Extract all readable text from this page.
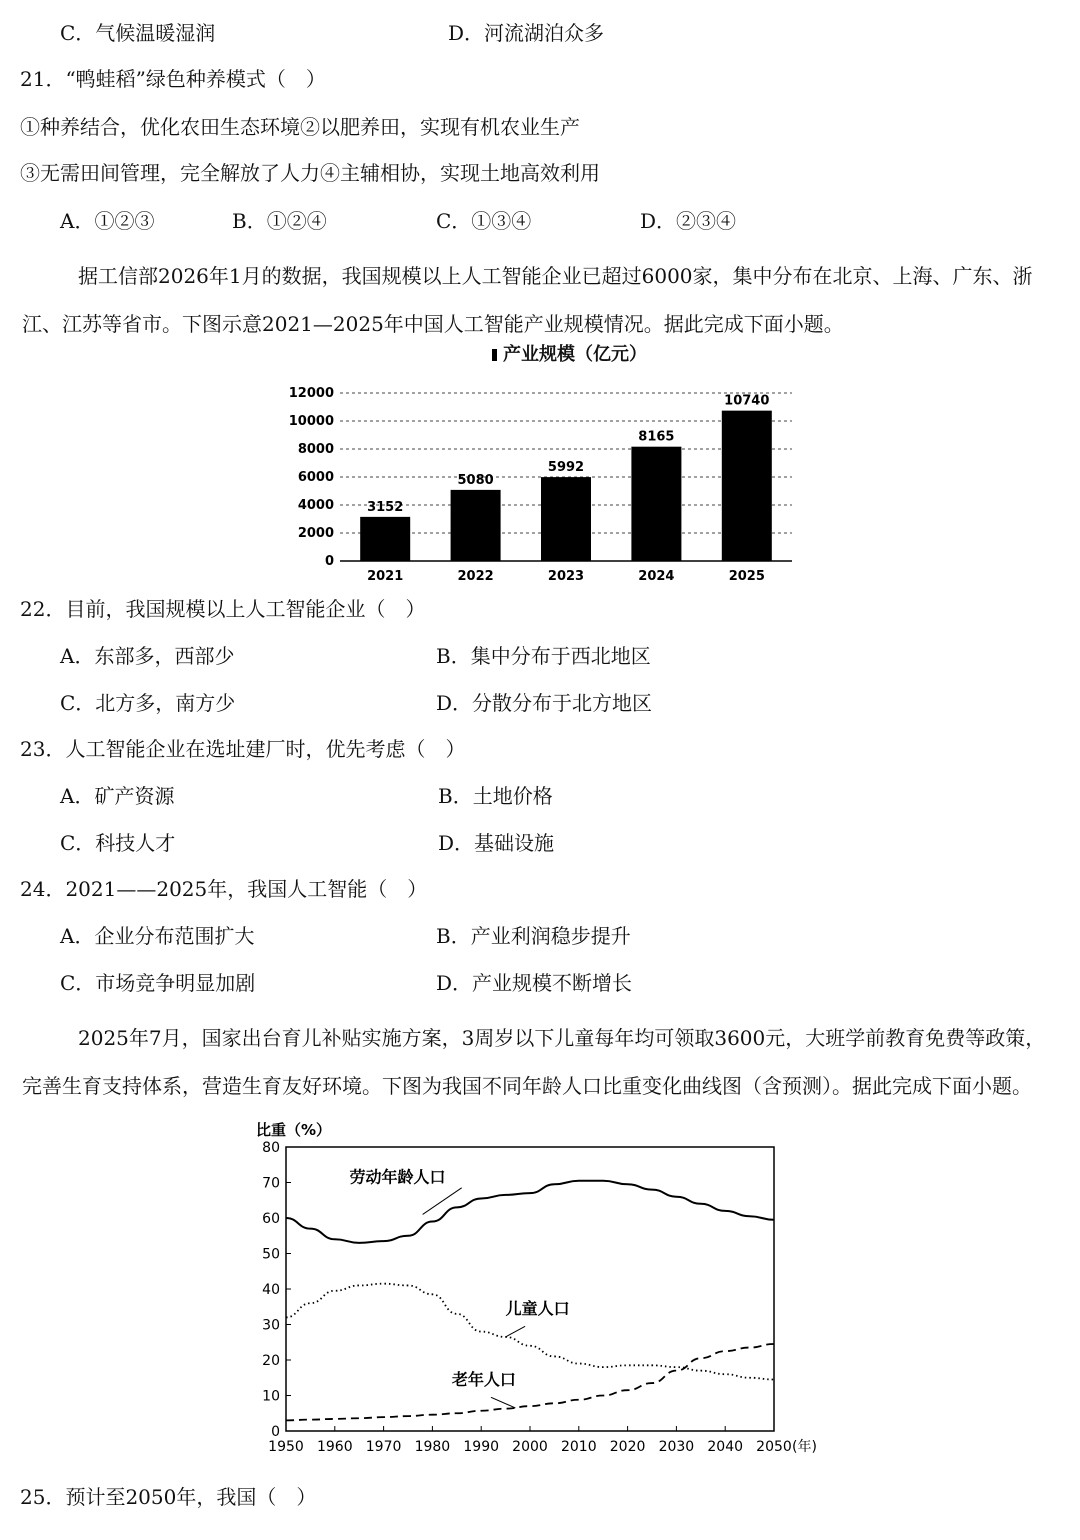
C．气候温暖湿润	D．河流湖泊众多
21．“鸭蛙稻”绿色种养模式（　）
①种养结合，优化农田生态环境②以肥养田，实现有机农业生产
③无需田间管理，完全解放了人力④主辅相协，实现土地高效利用
A．①②③	B．①②④	C．①③④	D．②③④
据工信部2026年1月的数据，我国规模以上人工智能企业已超过6000家，集中分布在北京、上海、广东、浙江、江苏等省市。下图示意2021—2025年中国人工智能产业规模情况。据此完成下面小题。
产业规模（亿元）
0
2000
4000
6000
8000
10000
12000
3152
2021
5080
2022
5992
2023
8165
2024
10740
2025
22．目前，我国规模以上人工智能企业（　）
A．东部多，西部少	B．集中分布于西北地区
C．北方多，南方少	D．分散分布于北方地区
23．人工智能企业在选址建厂时，优先考虑（　）
A．矿产资源	B．土地价格
C．科技人才	D．基础设施
24．2021——2025年，我国人工智能（　）
A．企业分布范围扩大	B．产业利润稳步提升
C．市场竞争明显加剧	D．产业规模不断增长
2025年7月，国家出台育儿补贴实施方案，3周岁以下儿童每年均可领取3600元，大班学前教育免费等政策，完善生育支持体系，营造生育友好环境。下图为我国不同年龄人口比重变化曲线图（含预测）。据此完成下面小题。
比重（%）
0
10
20
30
40
50
60
70
80
1950 1960 1970 1980 1990 2000 2010 2020 2030 2040 2050 (年)
劳动年龄人口
儿童人口
老年人口
25．预计至2050年，我国（　）
